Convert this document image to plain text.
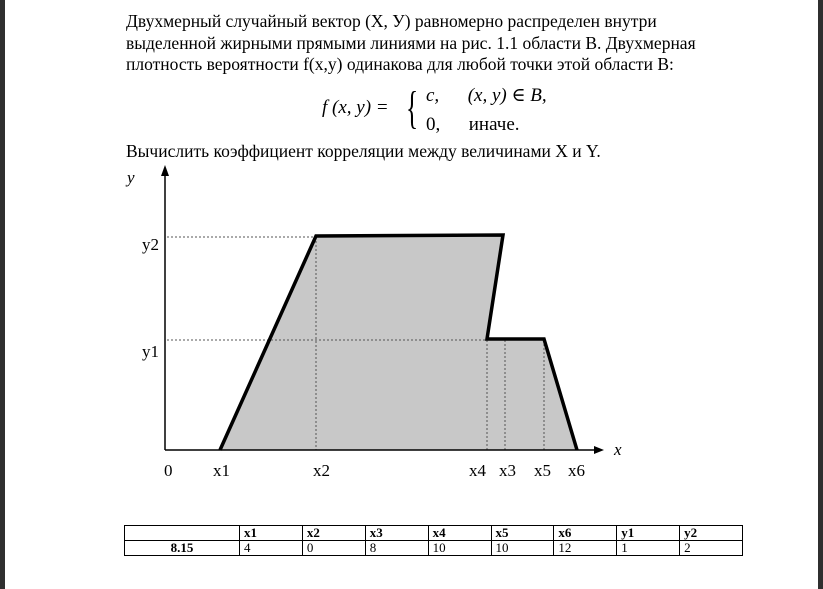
Двухмерный случайный вектор (X, У) равномерно распределен внутри
выделенной жирными прямыми линиями на рис. 1.1 области В. Двухмерная
плотность вероятности f(x,y) одинакова для любой точки этой области В:
f (x, y) = { c, (x, y) ∈ B,
0, иначе.
Вычислить коэффициент корреляции между величинами X и Y.
x
y
0 x1	x2	x4 x3 x5 x6
y2
y1
	x1	x2	x3	x4	x5	x6	y1	y2
8.15	4	0	8	10	10	12	1	2
